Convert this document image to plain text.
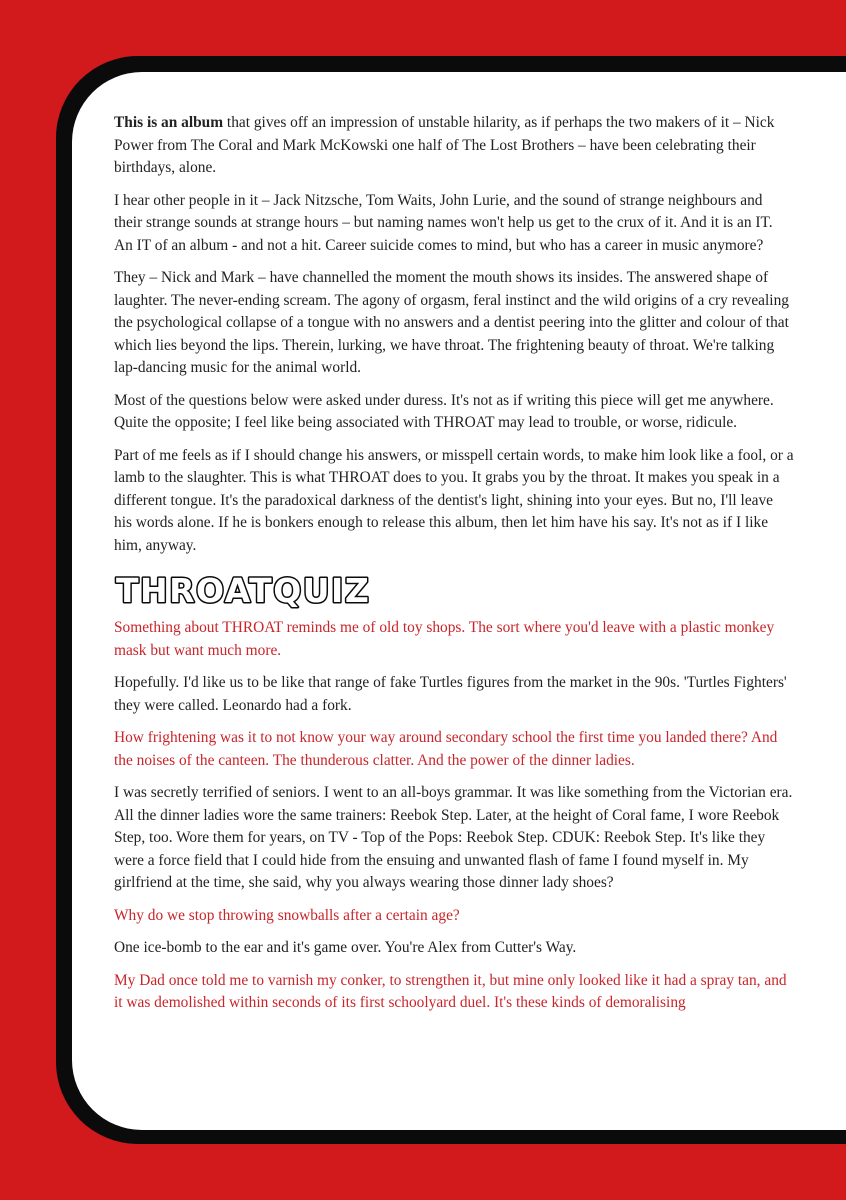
This is an album that gives off an impression of unstable hilarity, as if perhaps the two makers of it – Nick Power from The Coral and Mark McKowski one half of The Lost Brothers – have been celebrating their birthdays, alone.

I hear other people in it – Jack Nitzsche, Tom Waits, John Lurie, and the sound of strange neighbours and their strange sounds at strange hours – but naming names won't help us get to the crux of it. And it is an IT. An IT of an album - and not a hit. Career suicide comes to mind, but who has a career in music anymore?

They – Nick and Mark – have channelled the moment the mouth shows its insides. The answered shape of laughter. The never-ending scream. The agony of orgasm, feral instinct and the wild origins of a cry revealing the psychological collapse of a tongue with no answers and a dentist peering into the glitter and colour of that which lies beyond the lips. Therein, lurking, we have throat. The frightening beauty of throat. We're talking lap-dancing music for the animal world.

Most of the questions below were asked under duress. It's not as if writing this piece will get me anywhere. Quite the opposite; I feel like being associated with THROAT may lead to trouble, or worse, ridicule.

Part of me feels as if I should change his answers, or misspell certain words, to make him look like a fool, or a lamb to the slaughter. This is what THROAT does to you. It grabs you by the throat. It makes you speak in a different tongue. It's the paradoxical darkness of the dentist's light, shining into your eyes. But no, I'll leave his words alone. If he is bonkers enough to release this album, then let him have his say. It's not as if I like him, anyway.

THROATQUIZ

Something about THROAT reminds me of old toy shops. The sort where you'd leave with a plastic monkey mask but want much more.

Hopefully. I'd like us to be like that range of fake Turtles figures from the market in the 90s. 'Turtles Fighters' they were called. Leonardo had a fork.

How frightening was it to not know your way around secondary school the first time you landed there? And the noises of the canteen. The thunderous clatter. And the power of the dinner ladies.

I was secretly terrified of seniors. I went to an all-boys grammar. It was like something from the Victorian era. All the dinner ladies wore the same trainers: Reebok Step. Later, at the height of Coral fame, I wore Reebok Step, too. Wore them for years, on TV - Top of the Pops: Reebok Step. CDUK: Reebok Step. It's like they were a force field that I could hide from the ensuing and unwanted flash of fame I found myself in. My girlfriend at the time, she said, why you always wearing those dinner lady shoes?

Why do we stop throwing snowballs after a certain age?

One ice-bomb to the ear and it's game over. You're Alex from Cutter's Way.

My Dad once told me to varnish my conker, to strengthen it, but mine only looked like it had a spray tan, and it was demolished within seconds of its first schoolyard duel. It's these kinds of demoralising
